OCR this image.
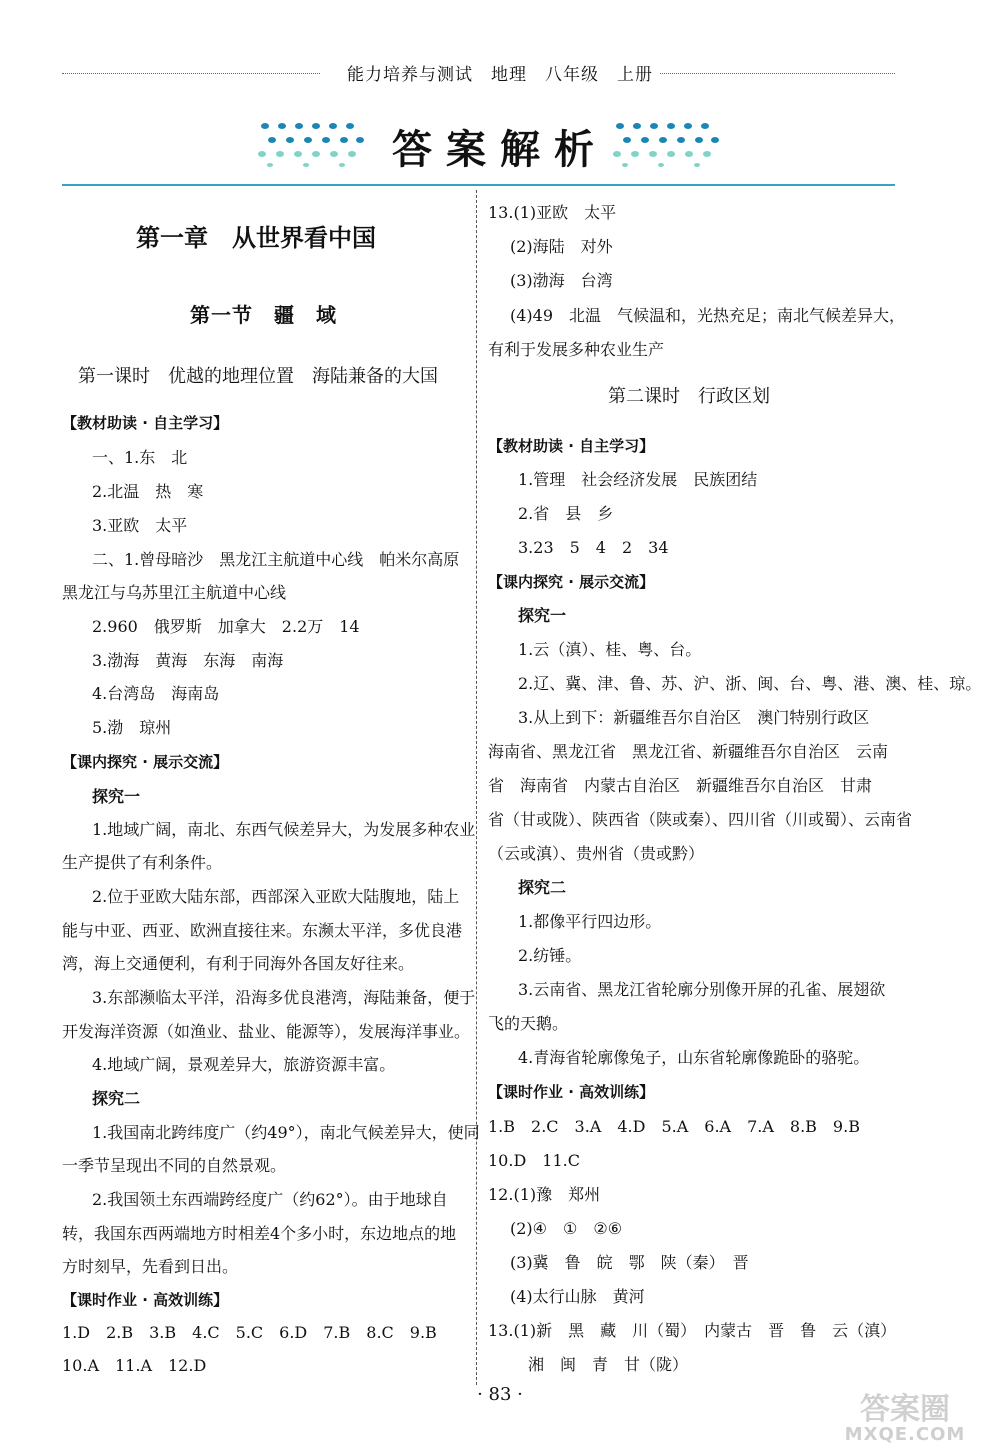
能力培养与测试　地理　八年级　上册
答案解析
第一章　从世界看中国
第一节　疆　域
第一课时　优越的地理位置　海陆兼备的大国
【教材助读 · 自主学习】
一、1.东　北
2.北温　热　寒
3.亚欧　太平
二、1.曾母暗沙　黑龙江主航道中心线　帕米尔高原
黑龙江与乌苏里江主航道中心线
2.960　俄罗斯　加拿大　2.2万　14
3.渤海　黄海　东海　南海
4.台湾岛　海南岛
5.渤　琼州
【课内探究 · 展示交流】
探究一
1.地域广阔，南北、东西气候差异大，为发展多种农业
生产提供了有利条件。
2.位于亚欧大陆东部，西部深入亚欧大陆腹地，陆上
能与中亚、西亚、欧洲直接往来。东濒太平洋，多优良港
湾，海上交通便利，有利于同海外各国友好往来。
3.东部濒临太平洋，沿海多优良港湾，海陆兼备，便于
开发海洋资源（如渔业、盐业、能源等），发展海洋事业。
4.地域广阔，景观差异大，旅游资源丰富。
探究二
1.我国南北跨纬度广（约49°），南北气候差异大，使同
一季节呈现出不同的自然景观。
2.我国领土东西端跨经度广（约62°）。由于地球自
转，我国东西两端地方时相差4个多小时，东边地点的地
方时刻早，先看到日出。
【课时作业 · 高效训练】
1.D　2.B　3.B　4.C　5.C　6.D　7.B　8.C　9.B
10.A　11.A　12.D
13.(1)亚欧　太平
(2)海陆　对外
(3)渤海　台湾
(4)49　北温　气候温和，光热充足；南北气候差异大，
有利于发展多种农业生产
第二课时　行政区划
【教材助读 · 自主学习】
1.管理　社会经济发展　民族团结
2.省　县　乡
3.23　5　4　2　34
【课内探究 · 展示交流】
探究一
1.云（滇）、桂、粤、台。
2.辽、冀、津、鲁、苏、沪、浙、闽、台、粤、港、澳、桂、琼。
3.从上到下：新疆维吾尔自治区　澳门特别行政区
海南省、黑龙江省　黑龙江省、新疆维吾尔自治区　云南
省　海南省　内蒙古自治区　新疆维吾尔自治区　甘肃
省（甘或陇）、陕西省（陕或秦）、四川省（川或蜀）、云南省
（云或滇）、贵州省（贵或黔）
探究二
1.都像平行四边形。
2.纺锤。
3.云南省、黑龙江省轮廓分别像开屏的孔雀、展翅欲
飞的天鹅。
4.青海省轮廓像兔子，山东省轮廓像跪卧的骆驼。
【课时作业 · 高效训练】
1.B　2.C　3.A　4.D　5.A　6.A　7.A　8.B　9.B
10.D　11.C
12.(1)豫　郑州
(2)④　①　②⑥
(3)冀　鲁　皖　鄂　陕（秦）　晋
(4)太行山脉　黄河
13.(1)新　黑　藏　川（蜀）　内蒙古　晋　鲁　云（滇）
湘　闽　青　甘（陇）
· 83 ·	答案圈
MXQE.COM
